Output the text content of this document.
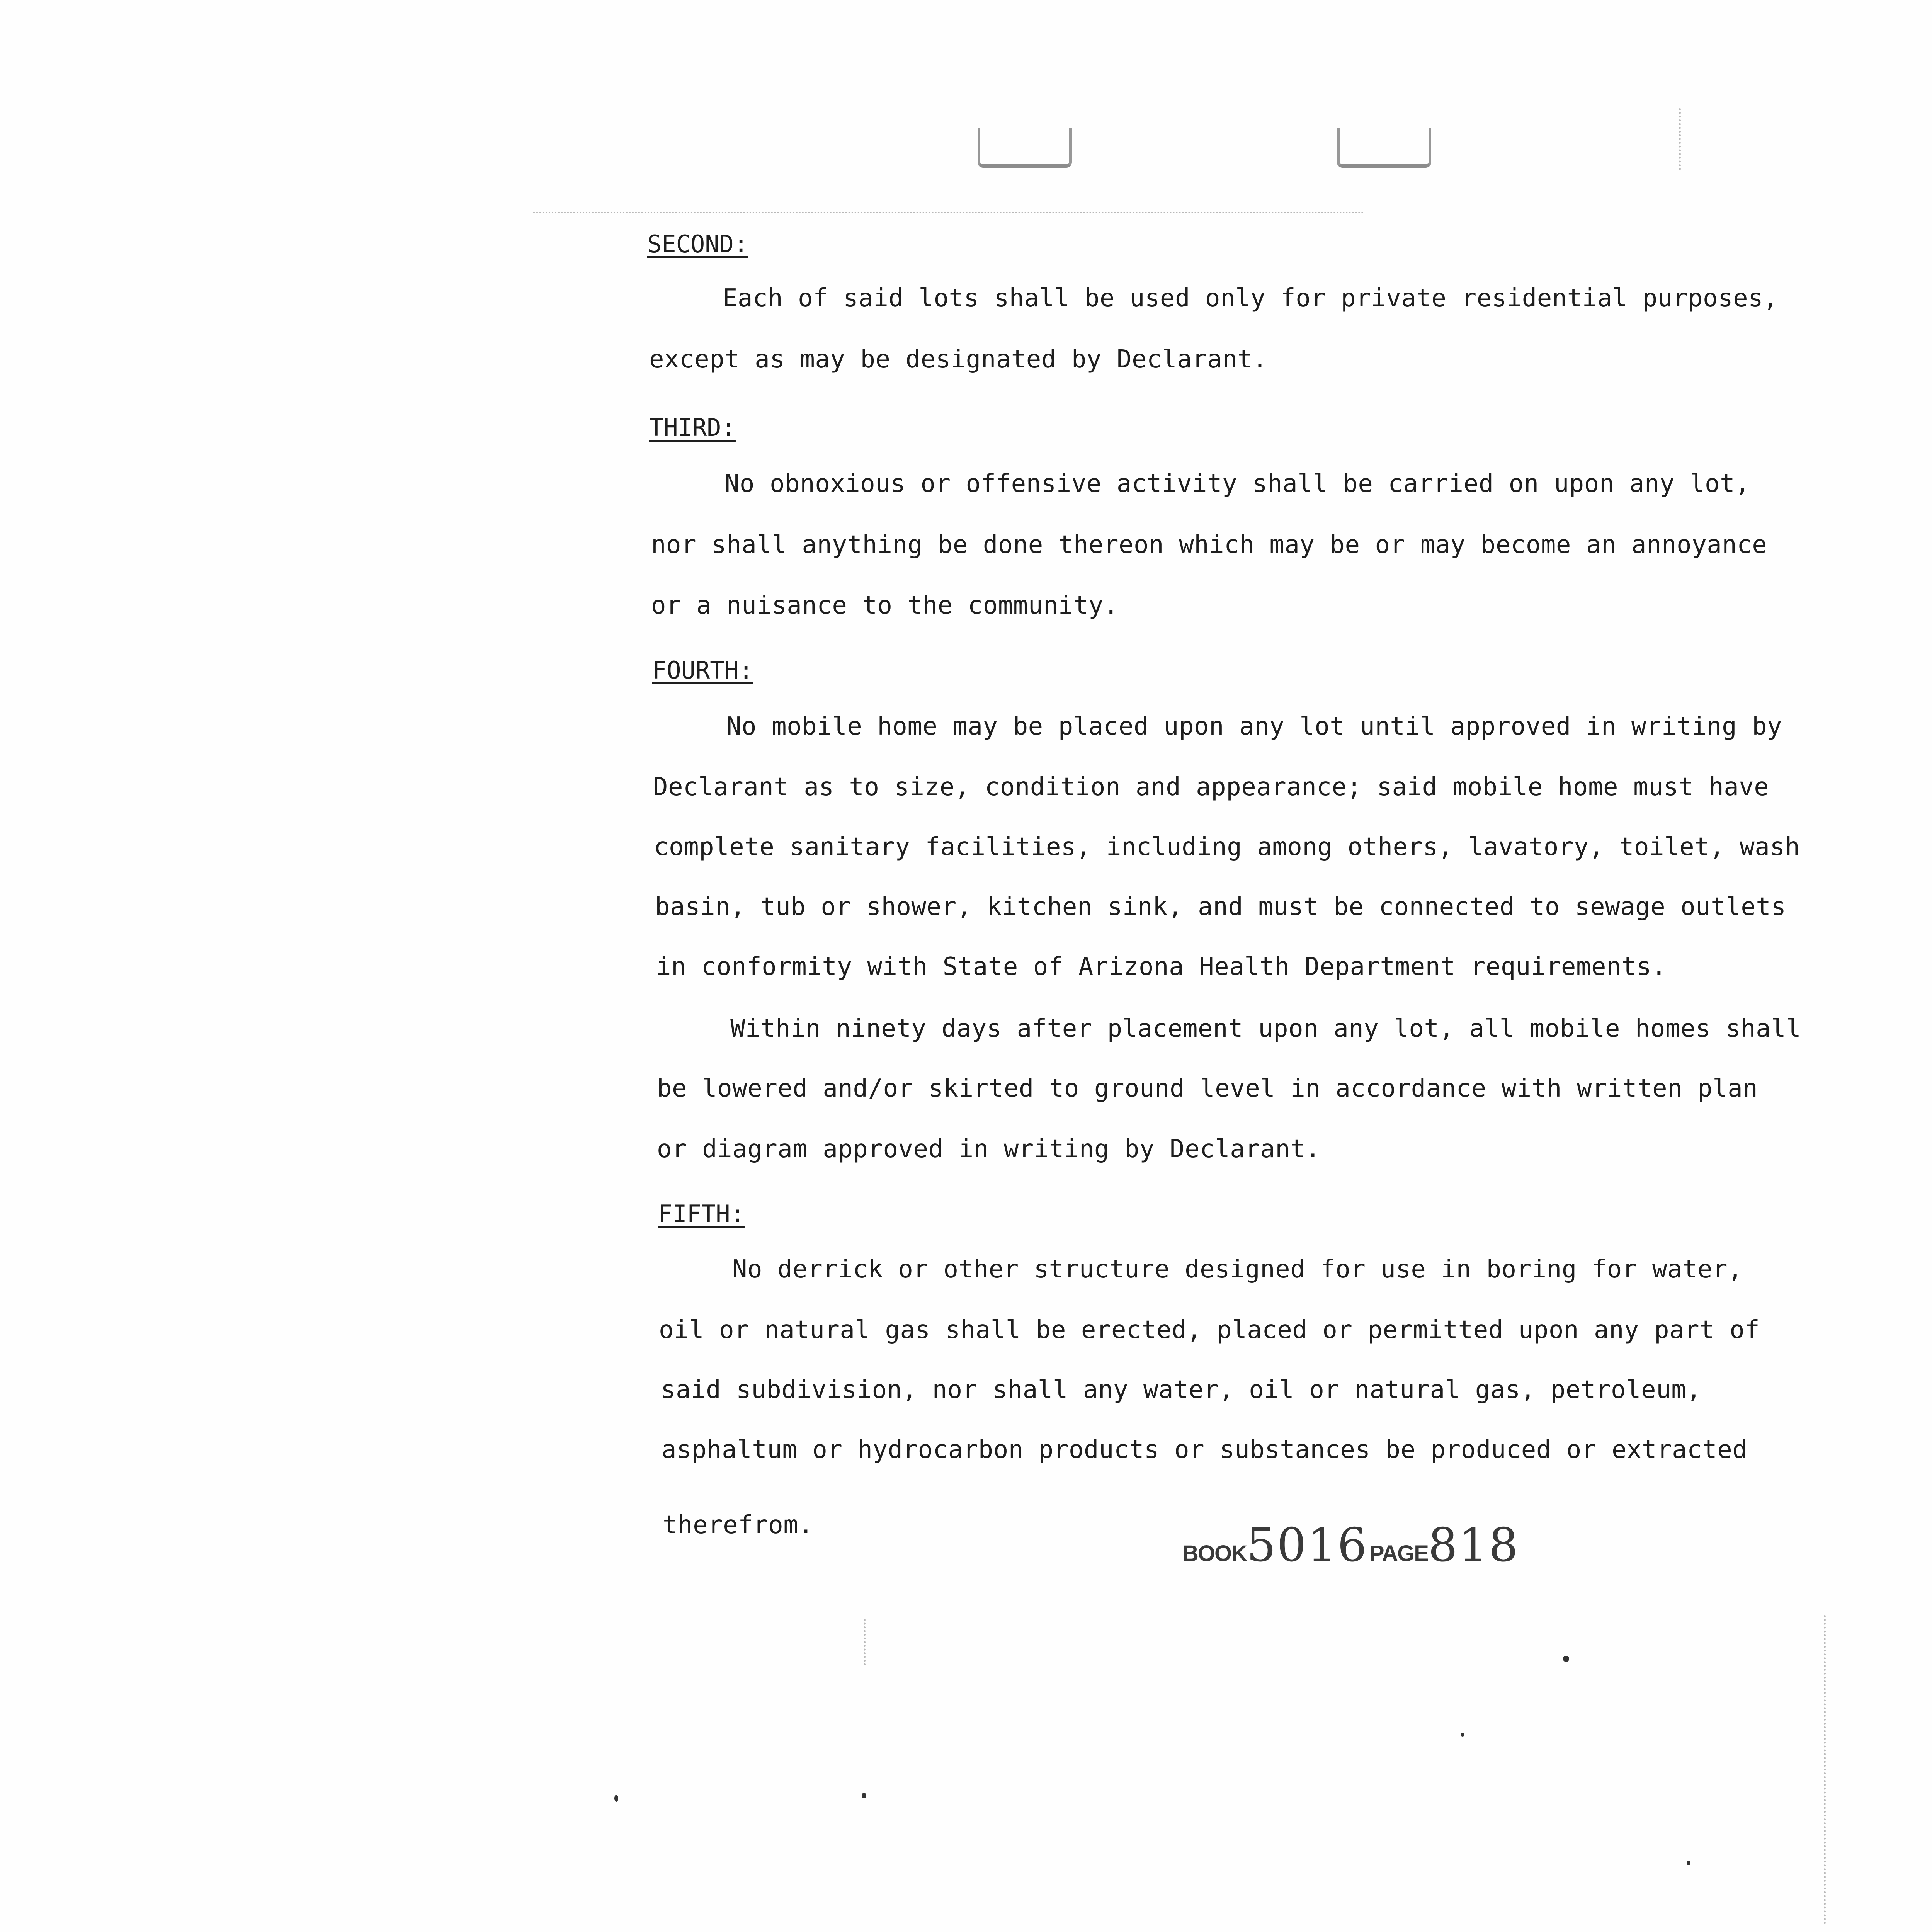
SECOND:
Each of said lots shall be used only for private residential purposes,
except as may be designated by Declarant.
THIRD:
No obnoxious or offensive activity shall be carried on upon any lot,
nor shall anything be done thereon which may be or may become an annoyance
or a nuisance to the community.
FOURTH:
No mobile home may be placed upon any lot until approved in writing by
Declarant as to size, condition and appearance; said mobile home must have
complete sanitary facilities, including among others, lavatory, toilet, wash
basin, tub or shower, kitchen sink, and must be connected to sewage outlets
in conformity with State of Arizona Health Department requirements.
Within ninety days after placement upon any lot, all mobile homes shall
be lowered and/or skirted to ground level in accordance with written plan
or diagram approved in writing by Declarant.
FIFTH:
No derrick or other structure designed for use in boring for water,
oil or natural gas shall be erected, placed or permitted upon any part of
said subdivision, nor shall any water, oil or natural gas, petroleum,
asphaltum or hydrocarbon products or substances be produced or extracted
therefrom.
BOOK5016 PAGE818
